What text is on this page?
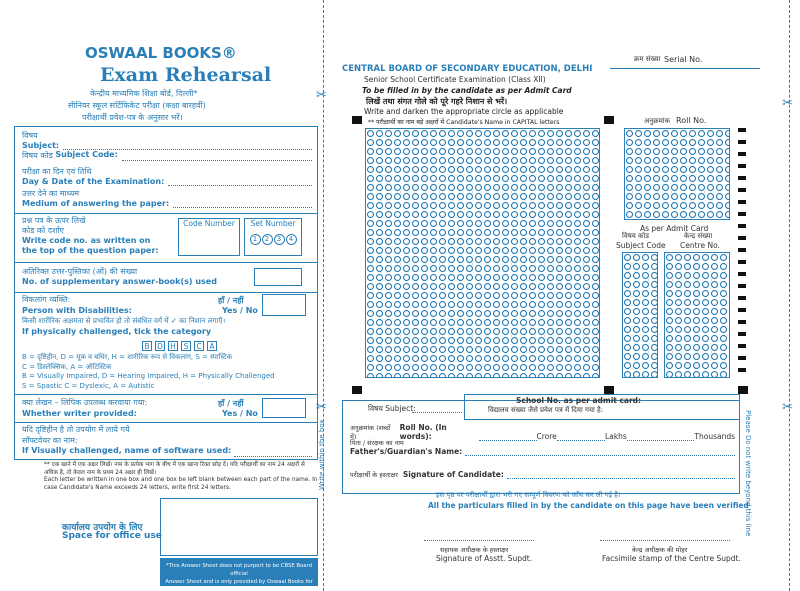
✂
✂
OSWAAL BOOKS®
Exam Rehearsal
केन्द्रीय माध्यमिक शिक्षा बोर्ड, दिल्ली*
सीनियर स्कूल सर्टिफिकेट परीक्षा (कक्षा बारहवीं)
परीक्षार्थी प्रवेश-पत्र के अनुसार भरें।
विषय
Subject:
विषय कोड
Subject Code:
परीक्षा का दिन एवं तिथि
Day & Date of the Examination:
उत्तर देने का माध्यम
Medium of answering the paper:
प्रश्न पत्र के ऊपर लिखे
कोड को दर्शाए
Write code no. as written on
the top of the question paper:
Code Number	Set Number
1	2	3	4
अतिरिक्त उत्तर-पुस्तिका (ओं) की संख्या
No. of supplementary answer-book(s) used
विकलांग व्यक्ति:
Person with Disabilities:
किसी शारीरिक अक्षमता से प्रभावित हो तो संबंधित वर्ग में ✓ का निशान लगाएँ।
If physically challenged, tick the category
हाँ / नहीं
Yes / No
B	D H	S	C	A
B = दृष्टिहीन, D = मूक व बधिर, H = शारीरिक रूप से विकलांग, S = स्पास्टिक
C = डिस्लेक्सिक, A = ऑटिस्टिक
B = Visually Impaired, D = Hearing Impaired, H = Physically Challenged
S = Spastic C = Dyslexic, A = Autistic
क्या लेखन – लिपिक उपलब्ध करवाया गया:
Whether writer provided:
हाँ / नहीं
Yes / No
यदि दृष्टिहीन है तो उपयोग में लाये गये
सॉफ्टवेयर का नाम:
If Visually challenged, name of software used:
** एक खाने में एक अक्षर लिखें। नाम के प्रत्येक भाग के बीच में एक खाना रिक्त छोड़ दें। यदि परीक्षार्थी का नाम 24 अक्षरों से अधिक है, तो केवल नाम के प्रथम 24 अक्षर ही लिखें।
Each letter be written in one box and one box be left blank between each part of the name. In case Candidate's Name exceeds 24 letters, write first 24 letters.
कार्यालय उपयोग के लिए
Space for office use
*This Answer Sheet does not purport to be CBSE Board official
Answer Sheet and is only provided by Oswaal Books for Practice.
क्रम संख्या Serial No.
CENTRAL BOARD OF SECONDARY EDUCATION, DELHI
Senior School Certificate Examination (Class XII)
To be filled in by the candidate as per Admit Card
लिखें तथा संगत गोले को पूरे गहरे निशान से भरें।
Write and darken the appropriate circle as applicable
✂
✂
** परीक्षार्थी का नाम बड़े अक्षरों में Candidate's Name in CAPITAL letters	अनुक्रमांक Roll No.
As per Admit Card
विषय कोड
Subject Code
केन्द्र संख्या
Centre No.
Write within the box
विषय Subject:
School No. as per admit card:
विद्यालय संख्या जैसे प्रवेश पत्र में दिया गया है:
अनुक्रमांक (शब्दों में)

Roll No. (In words):	Crore	Lakhs	Thousands
पिता / संरक्षक का नाम
Father's/Guardian's Name:
परीक्षार्थी के हस्ताक्षर
Signature of Candidate:
इस पृष्ठ पर परीक्षार्थी द्वारा भरी गए सम्पूर्ण विवरण को जाँच कर ली गई है।
All the particulars filled in by the candidate on this page have been verified
सहायक अधीक्षक के हस्ताक्षर
Signature of Asstt. Supdt.
केन्द्र अधीक्षक की मोहर
Facsimile stamp of the Centre Supdt.
Please Do not write beyond this line
